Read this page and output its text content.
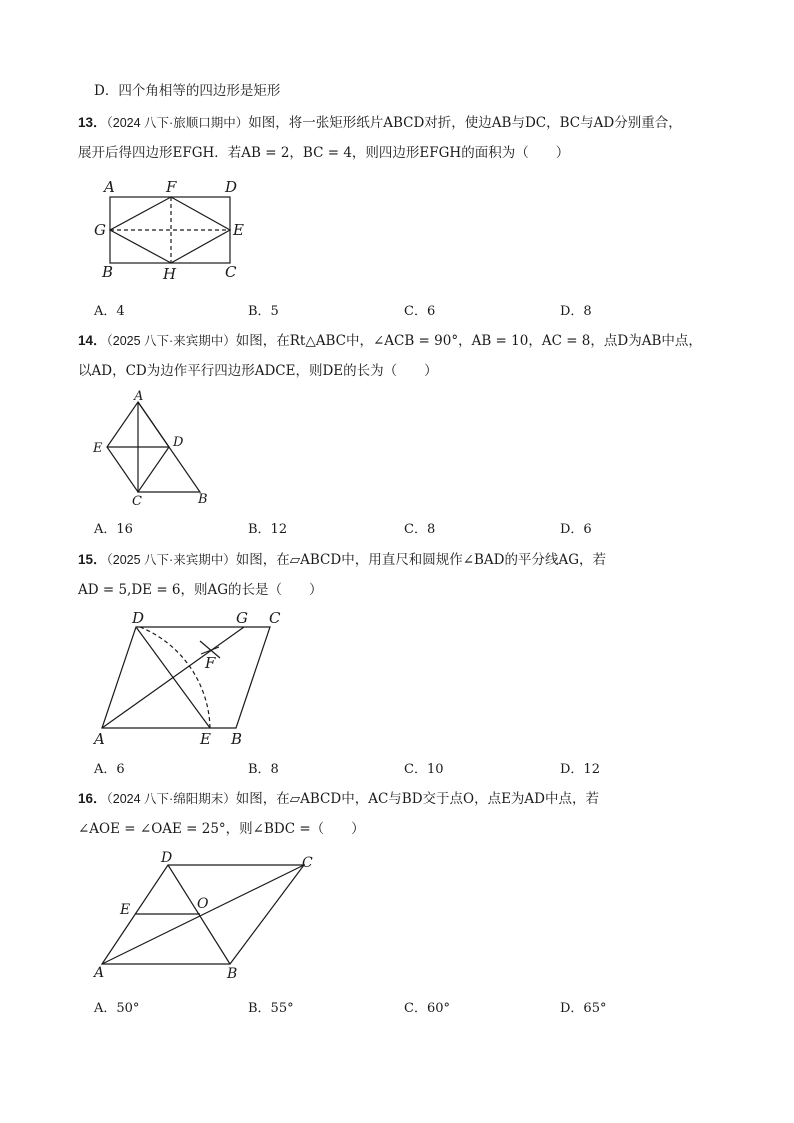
D．四个角相等的四边形是矩形
13．（2024 八下·旅顺口期中）如图，将一张矩形纸片ABCD对折，使边AB与DC，BC与AD分别重合，
展开后得四边形EFGH．若AB = 2，BC = 4，则四边形EFGH的面积为（　　）
A	F	D
G	E
B	H	C
A．4	B．5	C．6	D．8
14．（2025 八下·来宾期中）如图，在Rt△ABC中，∠ACB = 90°，AB = 10，AC = 8，点D为AB中点，
以AD，CD为边作平行四边形ADCE，则DE的长为（　　）
A
E	D
C	B
A．16	B．12	C．8	D．6
15．（2025 八下·来宾期中）如图，在▱ABCD中，用直尺和圆规作∠BAD的平分线AG，若
AD = 5,DE = 6，则AG的长是（　　）
D	G C
F
A	E B
A．6	B．8	C．10	D．12
16．（2024 八下·绵阳期末）如图，在▱ABCD中，AC与BD交于点O，点E为AD中点，若
∠AOE = ∠OAE = 25°，则∠BDC =（　　）
D	C
E	O
A	B
A．50°	B．55°	C．60°	D．65°
